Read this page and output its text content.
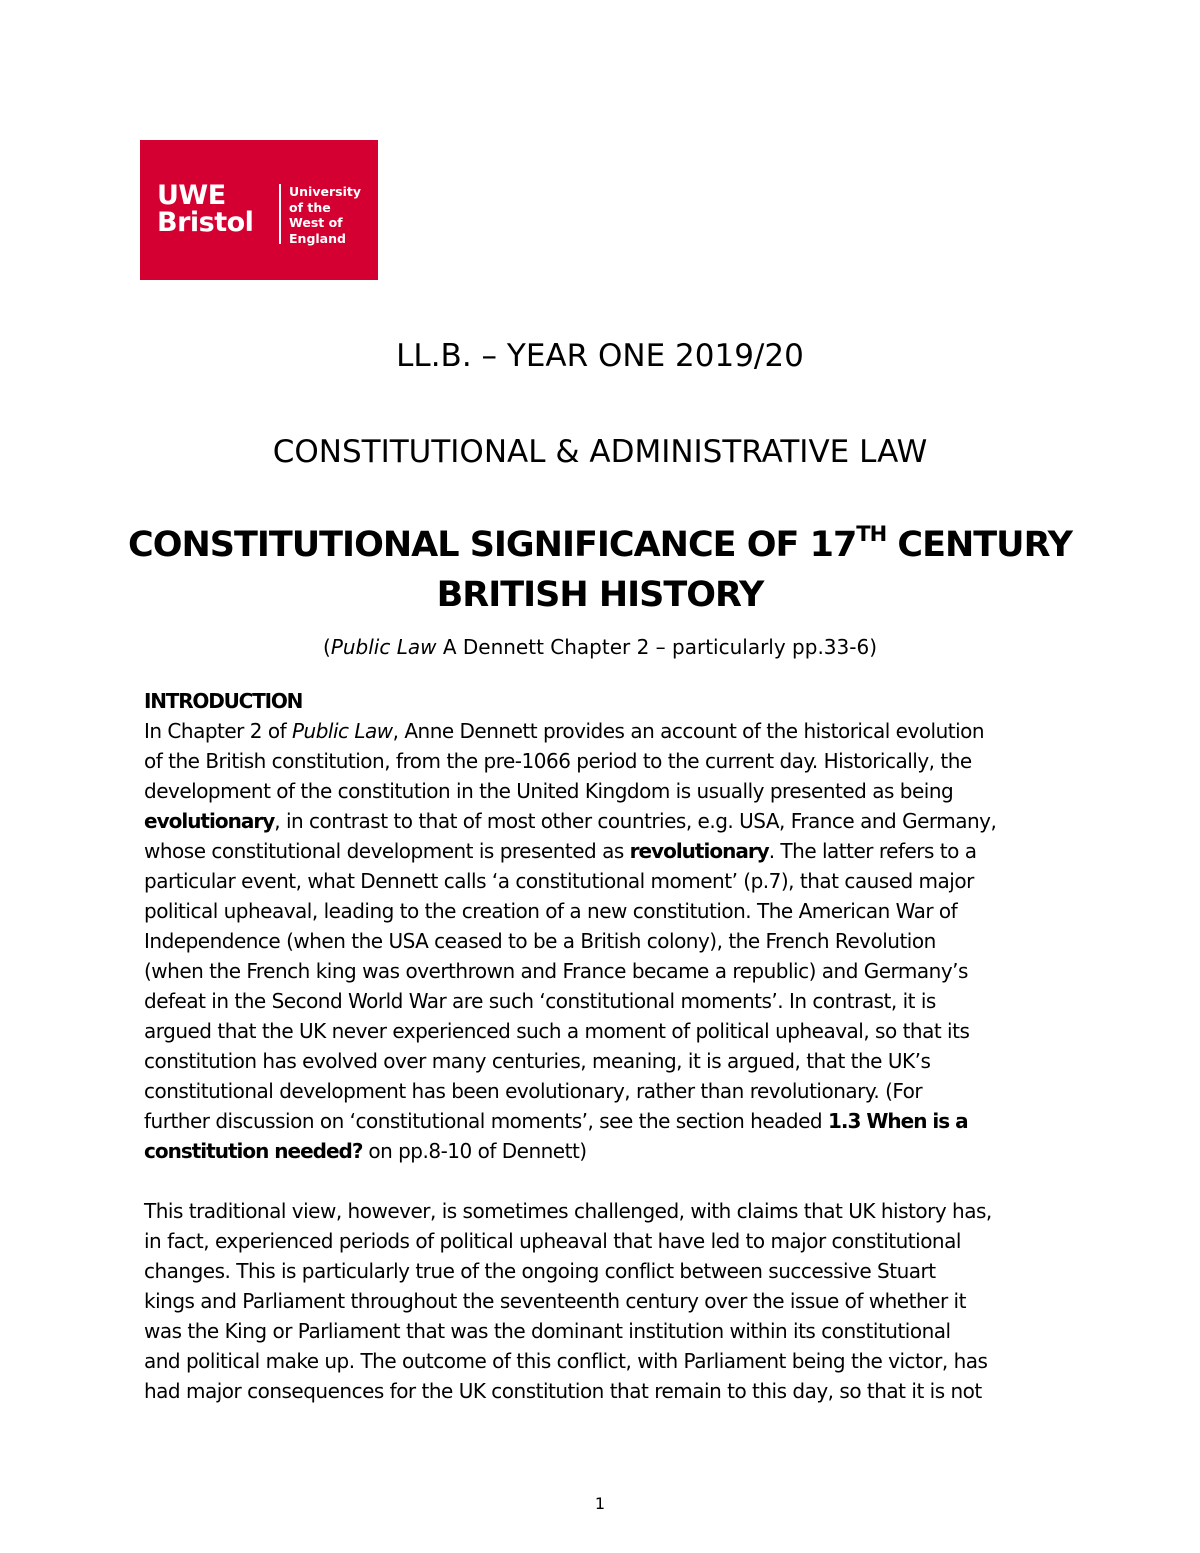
UWE
Bristol
University
of the
West of
England
LL.B. – YEAR ONE 2019/20
CONSTITUTIONAL & ADMINISTRATIVE LAW
CONSTITUTIONAL SIGNIFICANCE OF 17TH CENTURY
BRITISH HISTORY
(Public Law A Dennett Chapter 2 – particularly pp.33-6)
INTRODUCTION
In Chapter 2 of Public Law, Anne Dennett provides an account of the historical evolution
of the British constitution, from the pre-1066 period to the current day. Historically, the
development of the constitution in the United Kingdom is usually presented as being
evolutionary, in contrast to that of most other countries, e.g. USA, France and Germany,
whose constitutional development is presented as revolutionary. The latter refers to a
particular event, what Dennett calls ‘a constitutional moment’ (p.7), that caused major
political upheaval, leading to the creation of a new constitution. The American War of
Independence (when the USA ceased to be a British colony), the French Revolution
(when the French king was overthrown and France became a republic) and Germany’s
defeat in the Second World War are such ‘constitutional moments’. In contrast, it is
argued that the UK never experienced such a moment of political upheaval, so that its
constitution has evolved over many centuries, meaning, it is argued, that the UK’s
constitutional development has been evolutionary, rather than revolutionary. (For
further discussion on ‘constitutional moments’, see the section headed 1.3 When is a
constitution needed? on pp.8-10 of Dennett)
This traditional view, however, is sometimes challenged, with claims that UK history has,
in fact, experienced periods of political upheaval that have led to major constitutional
changes. This is particularly true of the ongoing conflict between successive Stuart
kings and Parliament throughout the seventeenth century over the issue of whether it
was the King or Parliament that was the dominant institution within its constitutional
and political make up. The outcome of this conflict, with Parliament being the victor, has
had major consequences for the UK constitution that remain to this day, so that it is not
1
